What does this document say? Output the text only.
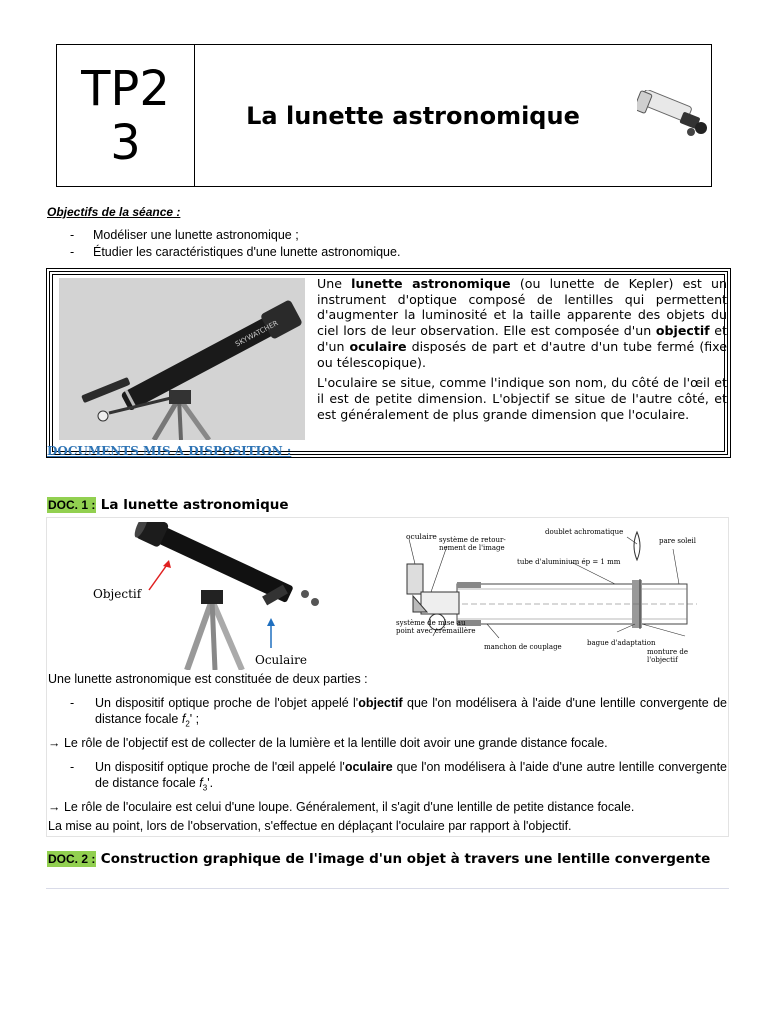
TP2
3	La lunette astronomique
Objectifs de la séance :
- Modéliser une lunette astronomique ;
- Étudier les caractéristiques d'une lunette astronomique.
SKYWATCHER

Une lunette astronomique (ou lunette de Kepler) est un instrument d'optique composé de lentilles qui permettent d'augmenter la luminosité et la taille apparente des objets du ciel lors de leur observation. Elle est composée d'un objectif et d'un oculaire disposés de part et d'autre d'un tube fermé (fixe ou télescopique).

L'oculaire se situe, comme l'indique son nom, du côté de l'œil et il est de petite dimension. L'objectif se situe de l'autre côté, et est généralement de plus grande dimension que l'oculaire.

DOCUMENTS MIS A DISPOSITION :
DOC. 1 : La lunette astronomique
Objectif
Oculaire
oculaire système de retour-
nement de l'image
doublet achromatique
pare soleil
tube d'aluminium ép = 1 mm
système de mise au
point avec crémaillère
manchon de couplage	bague d'adaptation
monture de
l'objectif
Une lunette astronomique est constituée de deux parties :
- Un dispositif optique proche de l'objet appelé l'objectif que l'on modélisera à l'aide d'une lentille convergente de distance focale $f_2'$ ;
→ Le rôle de l'objectif est de collecter de la lumière et la lentille doit avoir une grande distance focale.
- Un dispositif optique proche de l'œil appelé l'oculaire que l'on modélisera à l'aide d'une autre lentille convergente de distance focale $f_3'$.
→ Le rôle de l'oculaire est celui d'une loupe. Généralement, il s'agit d'une lentille de petite distance focale.
La mise au point, lors de l'observation, s'effectue en déplaçant l'oculaire par rapport à l'objectif.
DOC. 2 : Construction graphique de l'image d'un objet à travers une lentille convergente
